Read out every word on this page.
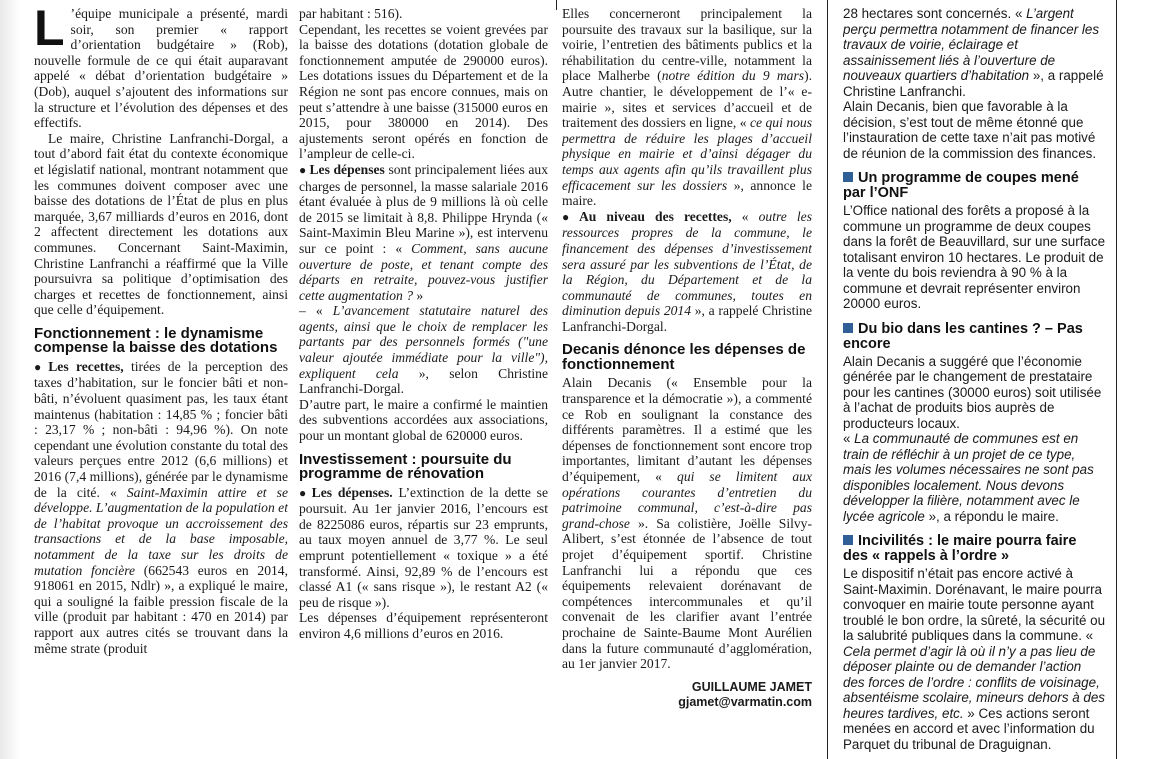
L ’équipe municipale a présenté, mardi soir, son premier « rapport d’orientation budgétaire » (Rob), nouvelle formule de ce qui était auparavant appelé « débat d’orientation budgétaire » (Dob), auquel s’ajoutent des informations sur la structure et l’évolution des dépenses et des effectifs.

Le maire, Christine Lanfranchi-Dorgal, a tout d’abord fait état du contexte économique et législatif national, montrant notamment que les communes doivent composer avec une baisse des dotations de l’État de plus en plus marquée, 3,67 milliards d’euros en 2016, dont 2 affectent directement les dotations aux communes. Concernant Saint-Maximin, Christine Lanfranchi a réaffirmé que la Ville poursuivra sa politique d’optimisation des charges et recettes de fonctionnement, ainsi que celle d’équipement.

Fonctionnement : le dynamisme compense la baisse des dotations

● Les recettes, tirées de la perception des taxes d’habitation, sur le foncier bâti et non-bâti, n’évoluent quasiment pas, les taux étant maintenus (habitation : 14,85 % ; foncier bâti : 23,17 % ; non-bâti : 94,96 %). On note cependant une évolution constante du total des valeurs perçues entre 2012 (6,6 millions) et 2016 (7,4 millions), générée par le dynamisme de la cité. « Saint-Maximin attire et se développe. L’augmentation de la population et de l’habitat provoque un accroissement des transactions et de la base imposable, notamment de la taxe sur les droits de mutation foncière (662543 euros en 2014, 918061 en 2015, Ndlr) », a expliqué le maire, qui a souligné la faible pression fiscale de la ville (produit par habitant : 470 en 2014) par rapport aux autres cités se trouvant dans la même strate (produit

par habitant : 516).

Cependant, les recettes se voient grevées par la baisse des dotations (dotation globale de fonctionnement amputée de 290000 euros). Les dotations issues du Département et de la Région ne sont pas encore connues, mais on peut s’attendre à une baisse (315000 euros en 2015, pour 380000 en 2014). Des ajustements seront opérés en fonction de l’ampleur de celle-ci.

● Les dépenses sont principalement liées aux charges de personnel, la masse salariale 2016 étant évaluée à plus de 9 millions là où celle de 2015 se limitait à 8,8. Philippe Hrynda (« Saint-Maximin Bleu Marine »), est intervenu sur ce point : « Comment, sans aucune ouverture de poste, et tenant compte des départs en retraite, pouvez-vous justifier cette augmentation ? »

– « L’avancement statutaire naturel des agents, ainsi que le choix de remplacer les partants par des personnels formés ("une valeur ajoutée immédiate pour la ville"), expliquent cela », selon Christine Lanfranchi-Dorgal.

D’autre part, le maire a confirmé le maintien des subventions accordées aux associations, pour un montant global de 620000 euros.

Investissement : poursuite du programme de rénovation

● Les dépenses. L’extinction de la dette se poursuit. Au 1er janvier 2016, l’encours est de 8225086 euros, répartis sur 23 emprunts, au taux moyen annuel de 3,77 %. Le seul emprunt potentiellement « toxique » a été transformé. Ainsi, 92,89 % de l’encours est classé A1 (« sans risque »), le restant A2 (« peu de risque »).

Les dépenses d’équipement représenteront environ 4,6 millions d’euros en 2016.

Elles concerneront principalement la poursuite des travaux sur la basilique, sur la voirie, l’entretien des bâtiments publics et la réhabilitation du centre-ville, notamment la place Malherbe (notre édition du 9 mars). Autre chantier, le développement de l’« e-mairie », sites et services d’accueil et de traitement des dossiers en ligne, « ce qui nous permettra de réduire les plages d’accueil physique en mairie et d’ainsi dégager du temps aux agents afin qu’ils travaillent plus efficacement sur les dossiers », annonce le maire.

● Au niveau des recettes, « outre les ressources propres de la commune, le financement des dépenses d’investissement sera assuré par les subventions de l’État, de la Région, du Département et de la communauté de communes, toutes en diminution depuis 2014 », a rappelé Christine Lanfranchi-Dorgal.

Decanis dénonce les dépenses de fonctionnement

Alain Decanis (« Ensemble pour la transparence et la démocratie »), a commenté ce Rob en soulignant la constance des différents paramètres. Il a estimé que les dépenses de fonctionnement sont encore trop importantes, limitant d’autant les dépenses d’équipement, « qui se limitent aux opérations courantes d’entretien du patrimoine communal, c’est-à-dire pas grand-chose ». Sa colistière, Joëlle Silvy-Alibert, s’est étonnée de l’absence de tout projet d’équipement sportif. Christine Lanfranchi lui a répondu que ces équipements relevaient dorénavant de compétences intercommunales et qu’il convenait de les clarifier avant l’entrée prochaine de Sainte-Baume Mont Aurélien dans la future communauté d’agglomération, au 1er janvier 2017.

GUILLAUME JAMET
gjamet@varmatin.com

28 hectares sont concernés. « L’argent perçu permettra notamment de financer les travaux de voirie, éclairage et assainissement liés à l’ouverture de nouveaux quartiers d’habitation », a rappelé Christine Lanfranchi.

Alain Decanis, bien que favorable à la décision, s’est tout de même étonné que l’instauration de cette taxe n’ait pas motivé de réunion de la commission des finances.

Un programme de coupes mené par l’ONF

L’Office national des forêts a proposé à la commune un programme de deux coupes dans la forêt de Beauvillard, sur une surface totalisant environ 10 hectares. Le produit de la vente du bois reviendra à 90 % à la commune et devrait représenter environ 20000 euros.

Du bio dans les cantines ? – Pas encore

Alain Decanis a suggéré que l’économie générée par le changement de prestataire pour les cantines (30000 euros) soit utilisée à l’achat de produits bios auprès de producteurs locaux.

« La communauté de communes est en train de réfléchir à un projet de ce type, mais les volumes nécessaires ne sont pas disponibles localement. Nous devons développer la filière, notamment avec le lycée agricole », a répondu le maire.

Incivilités : le maire pourra faire des « rappels à l’ordre »

Le dispositif n’était pas encore activé à Saint-Maximin. Dorénavant, le maire pourra convoquer en mairie toute personne ayant troublé le bon ordre, la sûreté, la sécurité ou la salubrité publiques dans la commune. « Cela permet d’agir là où il n’y a pas lieu de déposer plainte ou de demander l’action des forces de l’ordre : conflits de voisinage, absentéisme scolaire, mineurs dehors à des heures tardives, etc. » Ces actions seront menées en accord et avec l’information du Parquet du tribunal de Draguignan.
